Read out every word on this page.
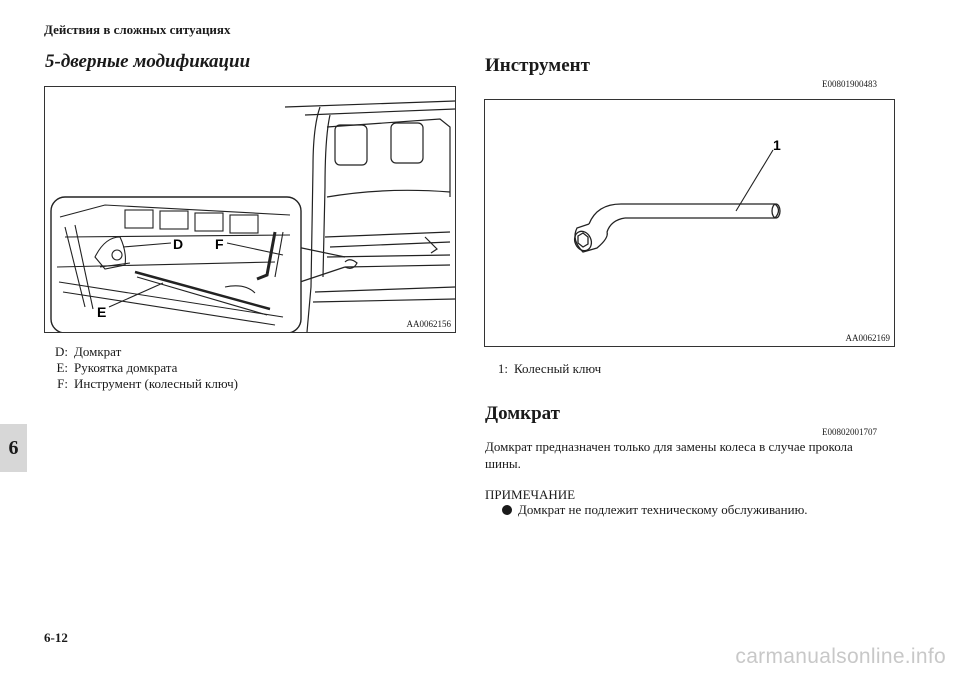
Действия в сложных ситуациях
5-дверные модификации
D F
E
AA0062156
D: Домкрат
E: Рукоятка домкрата
F: Инструмент (колесный ключ)
Инструмент
E00801900483
1
AA0062169
1: Колесный ключ
Домкрат
E00802001707
Домкрат предназначен только для замены колеса в случае прокола
шины.
ПРИМЕЧАНИЕ
Домкрат не подлежит техническому обслуживанию.
6
6-12
carmanualsonline.info
